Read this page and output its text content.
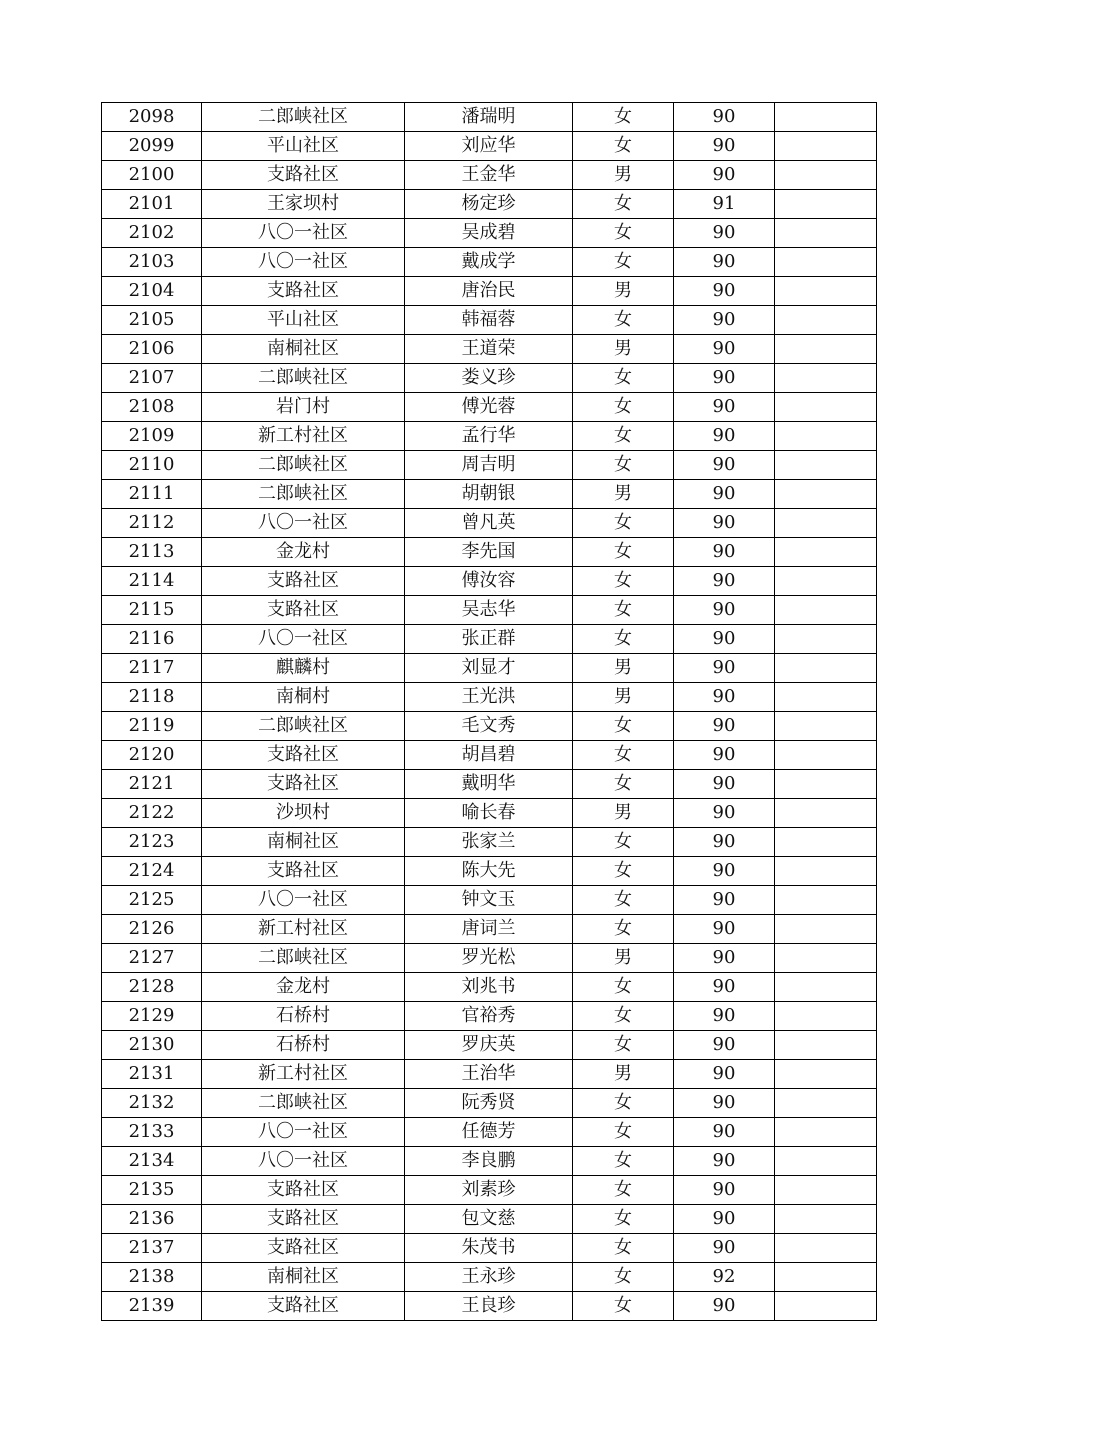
2098	二郎峡社区	潘瑞明	女	90	
2099	平山社区	刘应华	女	90	
2100	支路社区	王金华	男	90	
2101	王家坝村	杨定珍	女	91	
2102	八〇一社区	吴成碧	女	90	
2103	八〇一社区	戴成学	女	90	
2104	支路社区	唐治民	男	90	
2105	平山社区	韩福蓉	女	90	
2106	南桐社区	王道荣	男	90	
2107	二郎峡社区	娄义珍	女	90	
2108	岩门村	傅光蓉	女	90	
2109	新工村社区	孟行华	女	90	
2110	二郎峡社区	周吉明	女	90	
2111	二郎峡社区	胡朝银	男	90	
2112	八〇一社区	曾凡英	女	90	
2113	金龙村	李先国	女	90	
2114	支路社区	傅汝容	女	90	
2115	支路社区	吴志华	女	90	
2116	八〇一社区	张正群	女	90	
2117	麒麟村	刘显才	男	90	
2118	南桐村	王光洪	男	90	
2119	二郎峡社区	毛文秀	女	90	
2120	支路社区	胡昌碧	女	90	
2121	支路社区	戴明华	女	90	
2122	沙坝村	喻长春	男	90	
2123	南桐社区	张家兰	女	90	
2124	支路社区	陈大先	女	90	
2125	八〇一社区	钟文玉	女	90	
2126	新工村社区	唐词兰	女	90	
2127	二郎峡社区	罗光松	男	90	
2128	金龙村	刘兆书	女	90	
2129	石桥村	官裕秀	女	90	
2130	石桥村	罗庆英	女	90	
2131	新工村社区	王治华	男	90	
2132	二郎峡社区	阮秀贤	女	90	
2133	八〇一社区	任德芳	女	90	
2134	八〇一社区	李良鹏	女	90	
2135	支路社区	刘素珍	女	90	
2136	支路社区	包文慈	女	90	
2137	支路社区	朱茂书	女	90	
2138	南桐社区	王永珍	女	92	
2139	支路社区	王良珍	女	90	
